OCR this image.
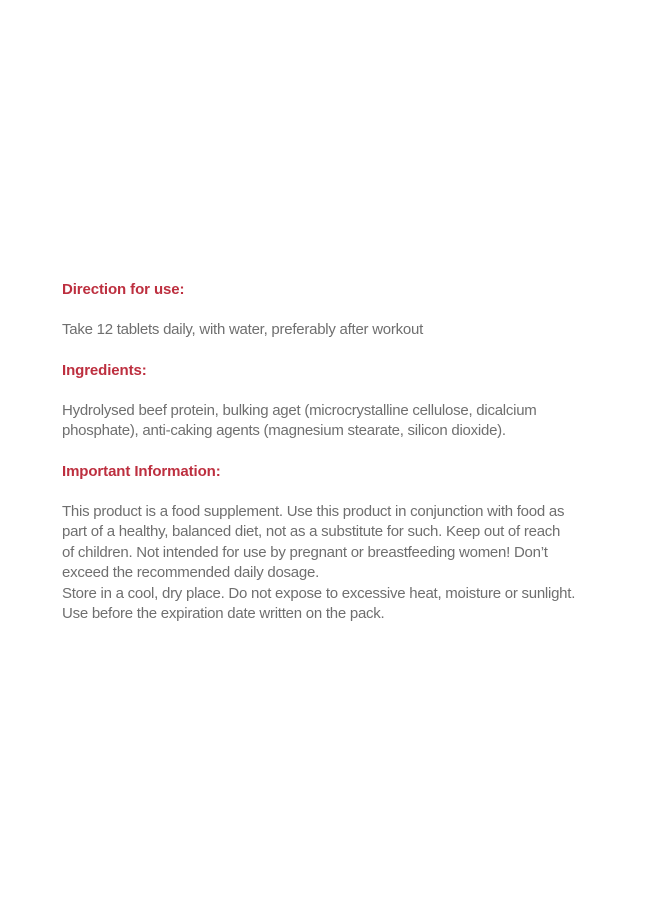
Direction for use:

Take 12 tablets daily, with water, preferably after workout

Ingredients:

Hydrolysed beef protein, bulking aget (microcrystalline cellulose, dicalcium

phosphate), anti-caking agents (magnesium stearate, silicon dioxide).

Important Information:

This product is a food supplement. Use this product in conjunction with food as

part of a healthy, balanced diet, not as a substitute for such. Keep out of reach

of children. Not intended for use by pregnant or breastfeeding women! Don’t

exceed the recommended daily dosage.

Store in a cool, dry place. Do not expose to excessive heat, moisture or sunlight.

Use before the expiration date written on the pack.
